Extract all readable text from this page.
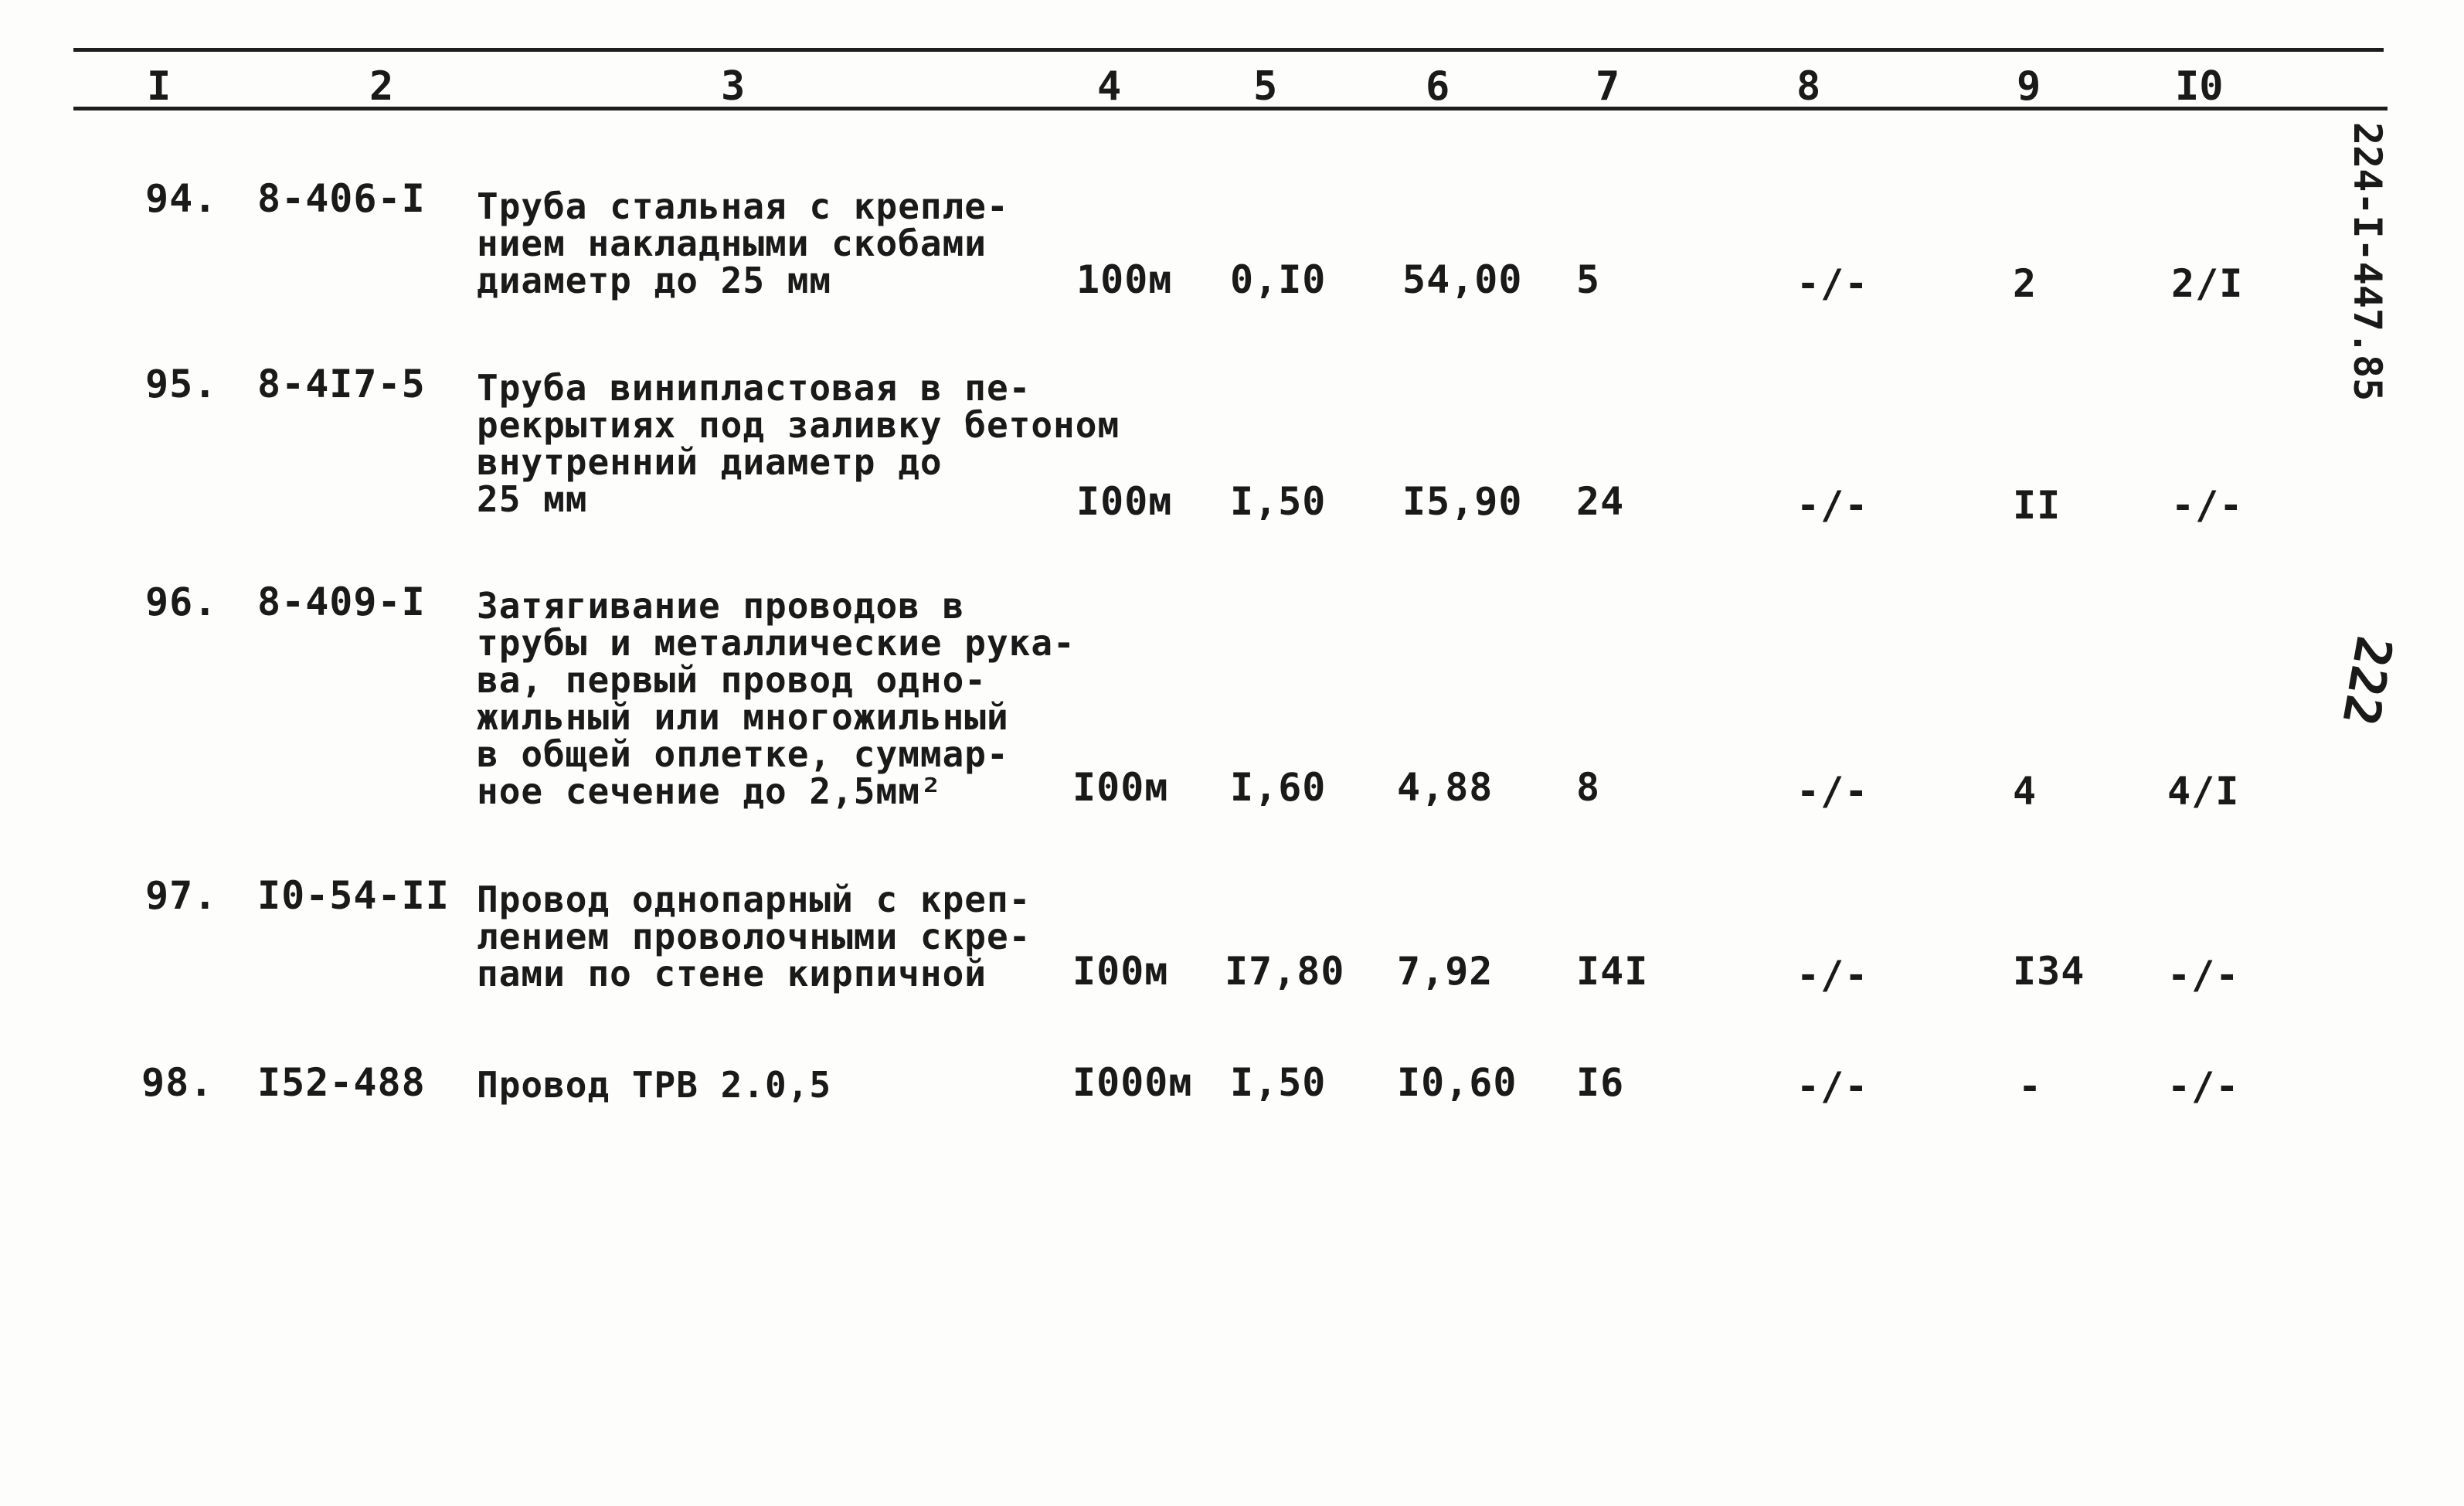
I	2	3	4	5	6	7	8	9	I0
94. 8-406-I Труба стальная с крепле-
нием накладными скобами
диаметр до 25 мм	100м 0,I0 54,00 5	-/-	2	2/I
95. 8-4I7-5 Труба винипластовая в пе-
рекрытиях под заливку бетоном
внутренний диаметр до
25 мм	I00м I,50 I5,90 24	-/-	II	-/-
96. 8-409-I Затягивание проводов в
трубы и металлические рука-
ва, первый провод одно-
жильный или многожильный
в общей оплетке, суммар-
ное сечение до 2,5мм²	I00м I,60 4,88 8	-/-	4	4/I
97. I0-54-II Провод однопарный с креп-
лением проволочными скре-
пами по стене кирпичной	I00м I7,80 7,92 I4I	-/-	I34 -/-
98. I52-488 Провод ТРВ 2.0,5	I000м I,50 I0,60 I6	-/-	-	-/-
224-I-447.85
222
